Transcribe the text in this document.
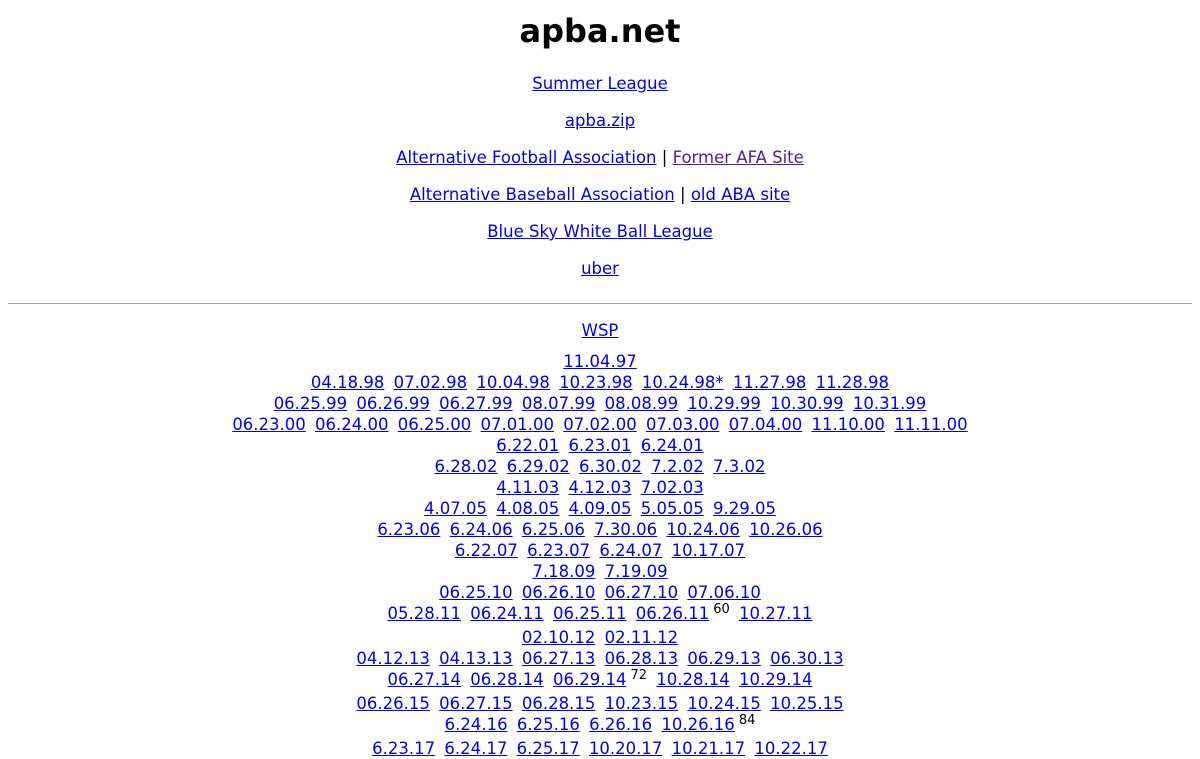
apba.net

Summer League

apba.zip

Alternative Football Association | Former AFA Site

Alternative Baseball Association | old ABA site

Blue Sky White Ball League

uber

WSP
11.04.97
04.18.98 07.02.98 10.04.98 10.23.98 10.24.98* 11.27.98 11.28.98
06.25.99 06.26.99 06.27.99 08.07.99 08.08.99 10.29.99 10.30.99 10.31.99
06.23.00 06.24.00 06.25.00 07.01.00 07.02.00 07.03.00 07.04.00 11.10.00 11.11.00
6.22.01 6.23.01 6.24.01
6.28.02 6.29.02 6.30.02 7.2.02 7.3.02
4.11.03 4.12.03 7.02.03
4.07.05 4.08.05 4.09.05 5.05.05 9.29.05
6.23.06 6.24.06 6.25.06 7.30.06 10.24.06 10.26.06
6.22.07 6.23.07 6.24.07 10.17.07
7.18.09 7.19.09
06.25.10 06.26.10 06.27.10 07.06.10
05.28.11 06.24.11 06.25.11 06.26.11 $^{60}$ 10.27.11
02.10.12 02.11.12
04.12.13 04.13.13 06.27.13 06.28.13 06.29.13 06.30.13
06.27.14 06.28.14 06.29.14 $^{72}$ 10.28.14 10.29.14
06.26.15 06.27.15 06.28.15 10.23.15 10.24.15 10.25.15
6.24.16 6.25.16 6.26.16 10.26.16 $^{84}$
6.23.17 6.24.17 6.25.17 10.20.17 10.21.17 10.22.17
